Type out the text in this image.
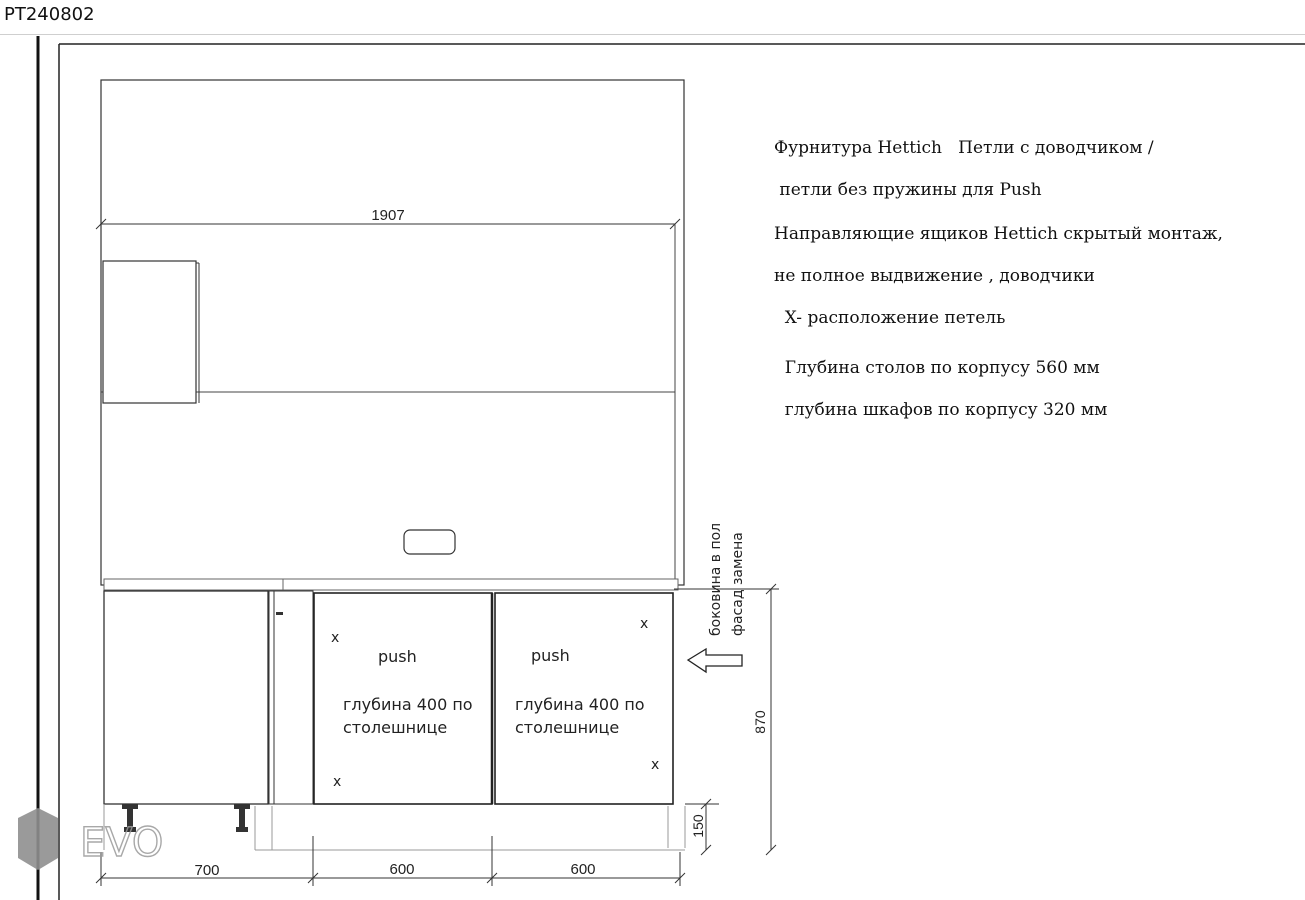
PT240802
1907
150
870
700	600	600
x
x
push
глубина 400 по
столешнице
x
x
push
глубина 400 по
столешнице
боковина в пол фасад замена
Фурнитура Hettich   Петли с доводчиком /
петли без пружины для Push
Направляющие ящиков Hettich скрытый монтаж,
не полное выдвижение , доводчики
X- расположение петель
Глубина столов по корпусу 560 мм
глубина шкафов по корпусу 320 мм
EVO
